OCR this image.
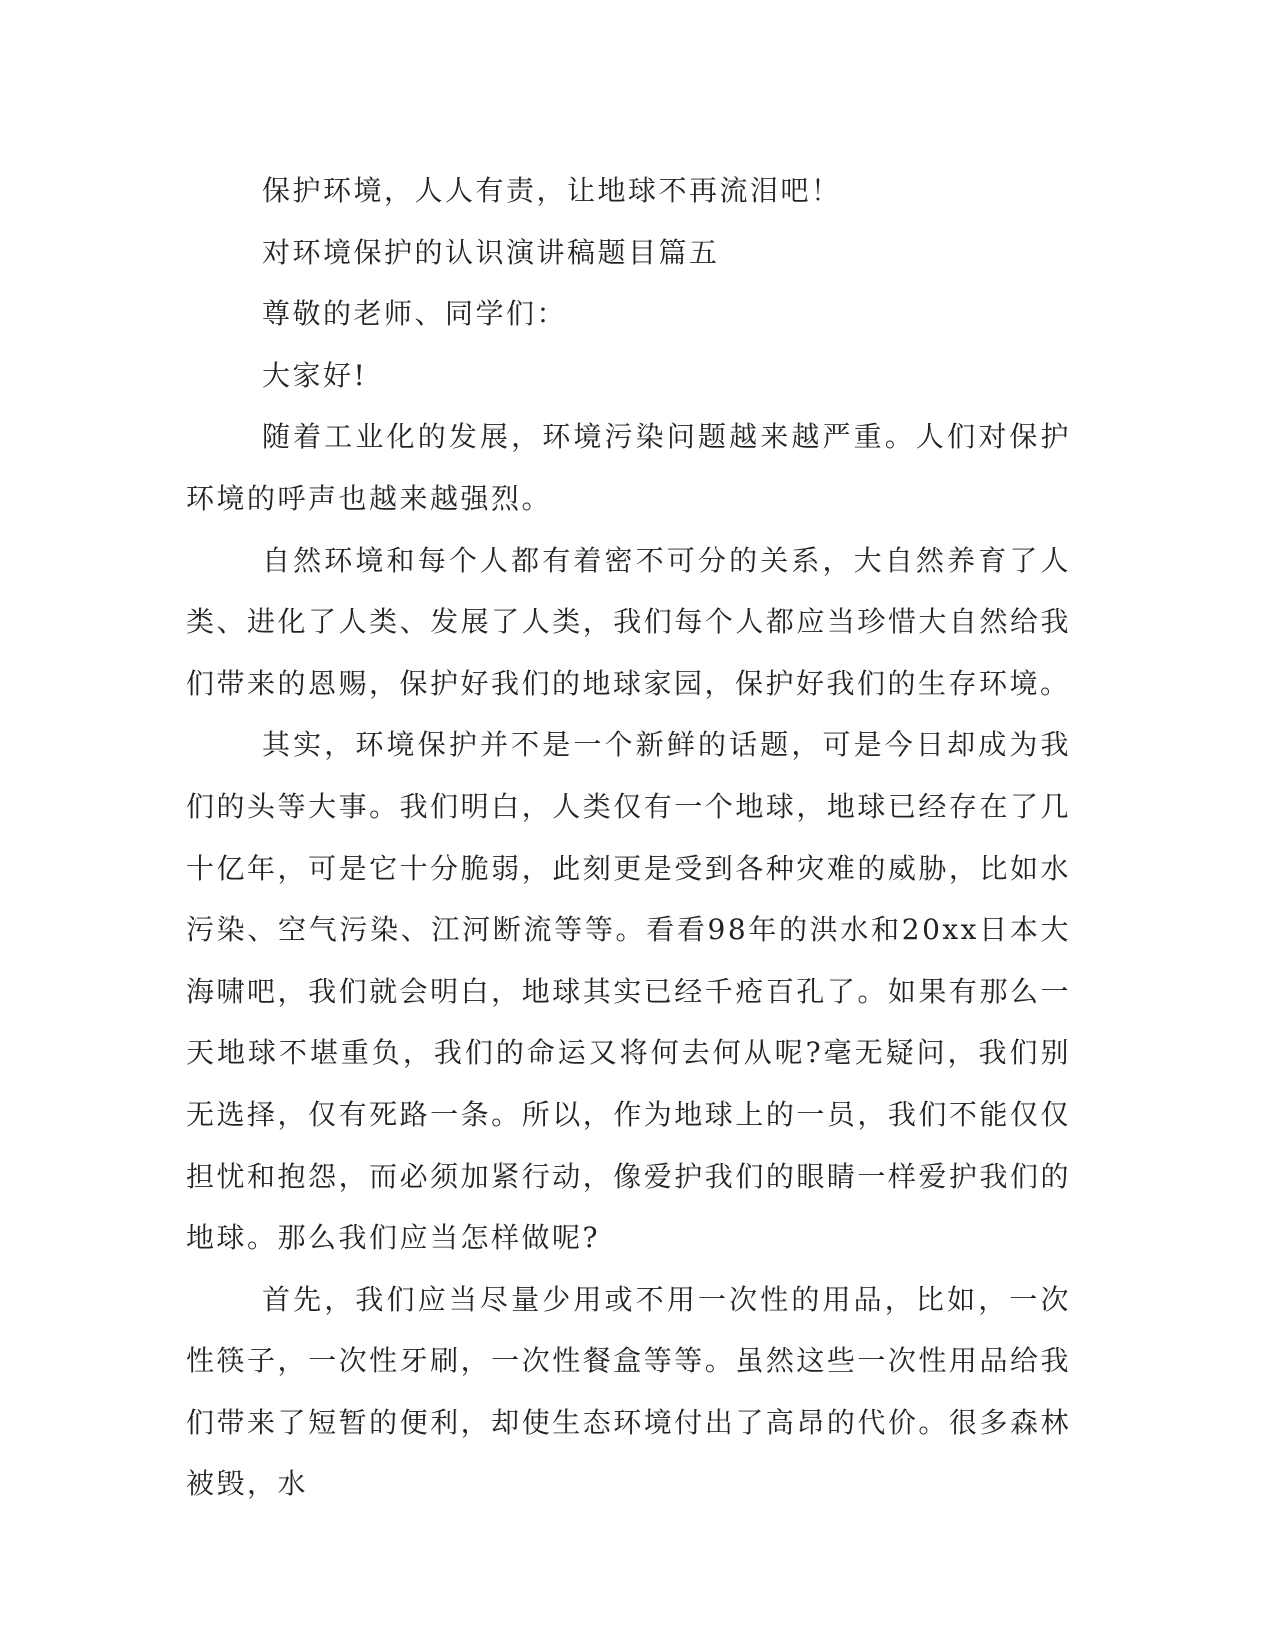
保护环境，人人有责，让地球不再流泪吧！

对环境保护的认识演讲稿题目篇五

尊敬的老师、同学们：

大家好!

随着工业化的发展，环境污染问题越来越严重。人们对保护环境的呼声也越来越强烈。

自然环境和每个人都有着密不可分的关系，大自然养育了人类、进化了人类、发展了人类，我们每个人都应当珍惜大自然给我们带来的恩赐，保护好我们的地球家园，保护好我们的生存环境。

其实，环境保护并不是一个新鲜的话题，可是今日却成为我们的头等大事。我们明白，人类仅有一个地球，地球已经存在了几十亿年，可是它十分脆弱，此刻更是受到各种灾难的威胁，比如水污染、空气污染、江河断流等等。看看98年的洪水和20xx日本大海啸吧，我们就会明白，地球其实已经千疮百孔了。如果有那么一天地球不堪重负，我们的命运又将何去何从呢?毫无疑问，我们别无选择，仅有死路一条。所以，作为地球上的一员，我们不能仅仅担忧和抱怨，而必须加紧行动，像爱护我们的眼睛一样爱护我们的地球。那么我们应当怎样做呢?

首先，我们应当尽量少用或不用一次性的用品，比如，一次性筷子，一次性牙刷，一次性餐盒等等。虽然这些一次性用品给我们带来了短暂的便利，却使生态环境付出了高昂的代价。很多森林被毁，水
